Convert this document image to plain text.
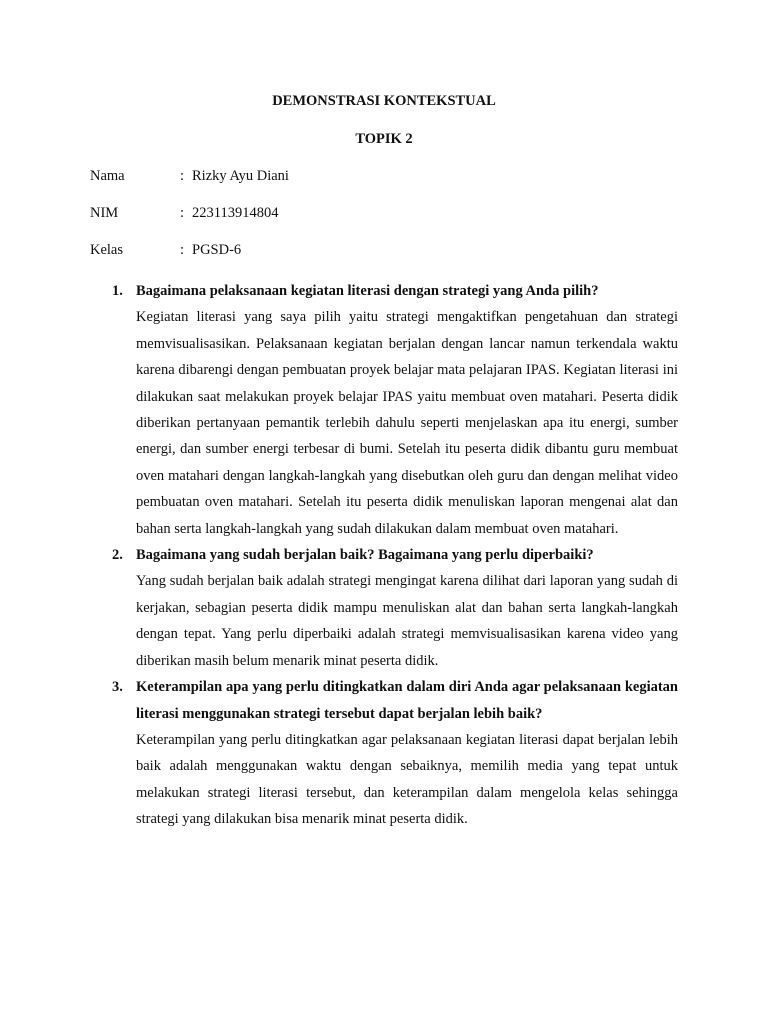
DEMONSTRASI KONTEKSTUAL
TOPIK 2
Nama	: Rizky Ayu Diani
NIM	: 223113914804
Kelas	: PGSD-6
1. Bagaimana pelaksanaan kegiatan literasi dengan strategi yang Anda pilih?
Kegiatan literasi yang saya pilih yaitu strategi mengaktifkan pengetahuan dan strategi memvisualisasikan. Pelaksanaan kegiatan berjalan dengan lancar namun terkendala waktu karena dibarengi dengan pembuatan proyek belajar mata pelajaran IPAS. Kegiatan literasi ini dilakukan saat melakukan proyek belajar IPAS yaitu membuat oven matahari. Peserta didik diberikan pertanyaan pemantik terlebih dahulu seperti menjelaskan apa itu energi, sumber energi, dan sumber energi terbesar di bumi. Setelah itu peserta didik dibantu guru membuat oven matahari dengan langkah-langkah yang disebutkan oleh guru dan dengan melihat video pembuatan oven matahari. Setelah itu peserta didik menuliskan laporan mengenai alat dan bahan serta langkah-langkah yang sudah dilakukan dalam membuat oven matahari.
2. Bagaimana yang sudah berjalan baik? Bagaimana yang perlu diperbaiki?
Yang sudah berjalan baik adalah strategi mengingat karena dilihat dari laporan yang sudah di kerjakan, sebagian peserta didik mampu menuliskan alat dan bahan serta langkah-langkah dengan tepat. Yang perlu diperbaiki adalah strategi memvisualisasikan karena video yang diberikan masih belum menarik minat peserta didik.
3. Keterampilan apa yang perlu ditingkatkan dalam diri Anda agar pelaksanaan kegiatan literasi menggunakan strategi tersebut dapat berjalan lebih baik?
Keterampilan yang perlu ditingkatkan agar pelaksanaan kegiatan literasi dapat berjalan lebih baik adalah menggunakan waktu dengan sebaiknya, memilih media yang tepat untuk melakukan strategi literasi tersebut, dan keterampilan dalam mengelola kelas sehingga strategi yang dilakukan bisa menarik minat peserta didik.
